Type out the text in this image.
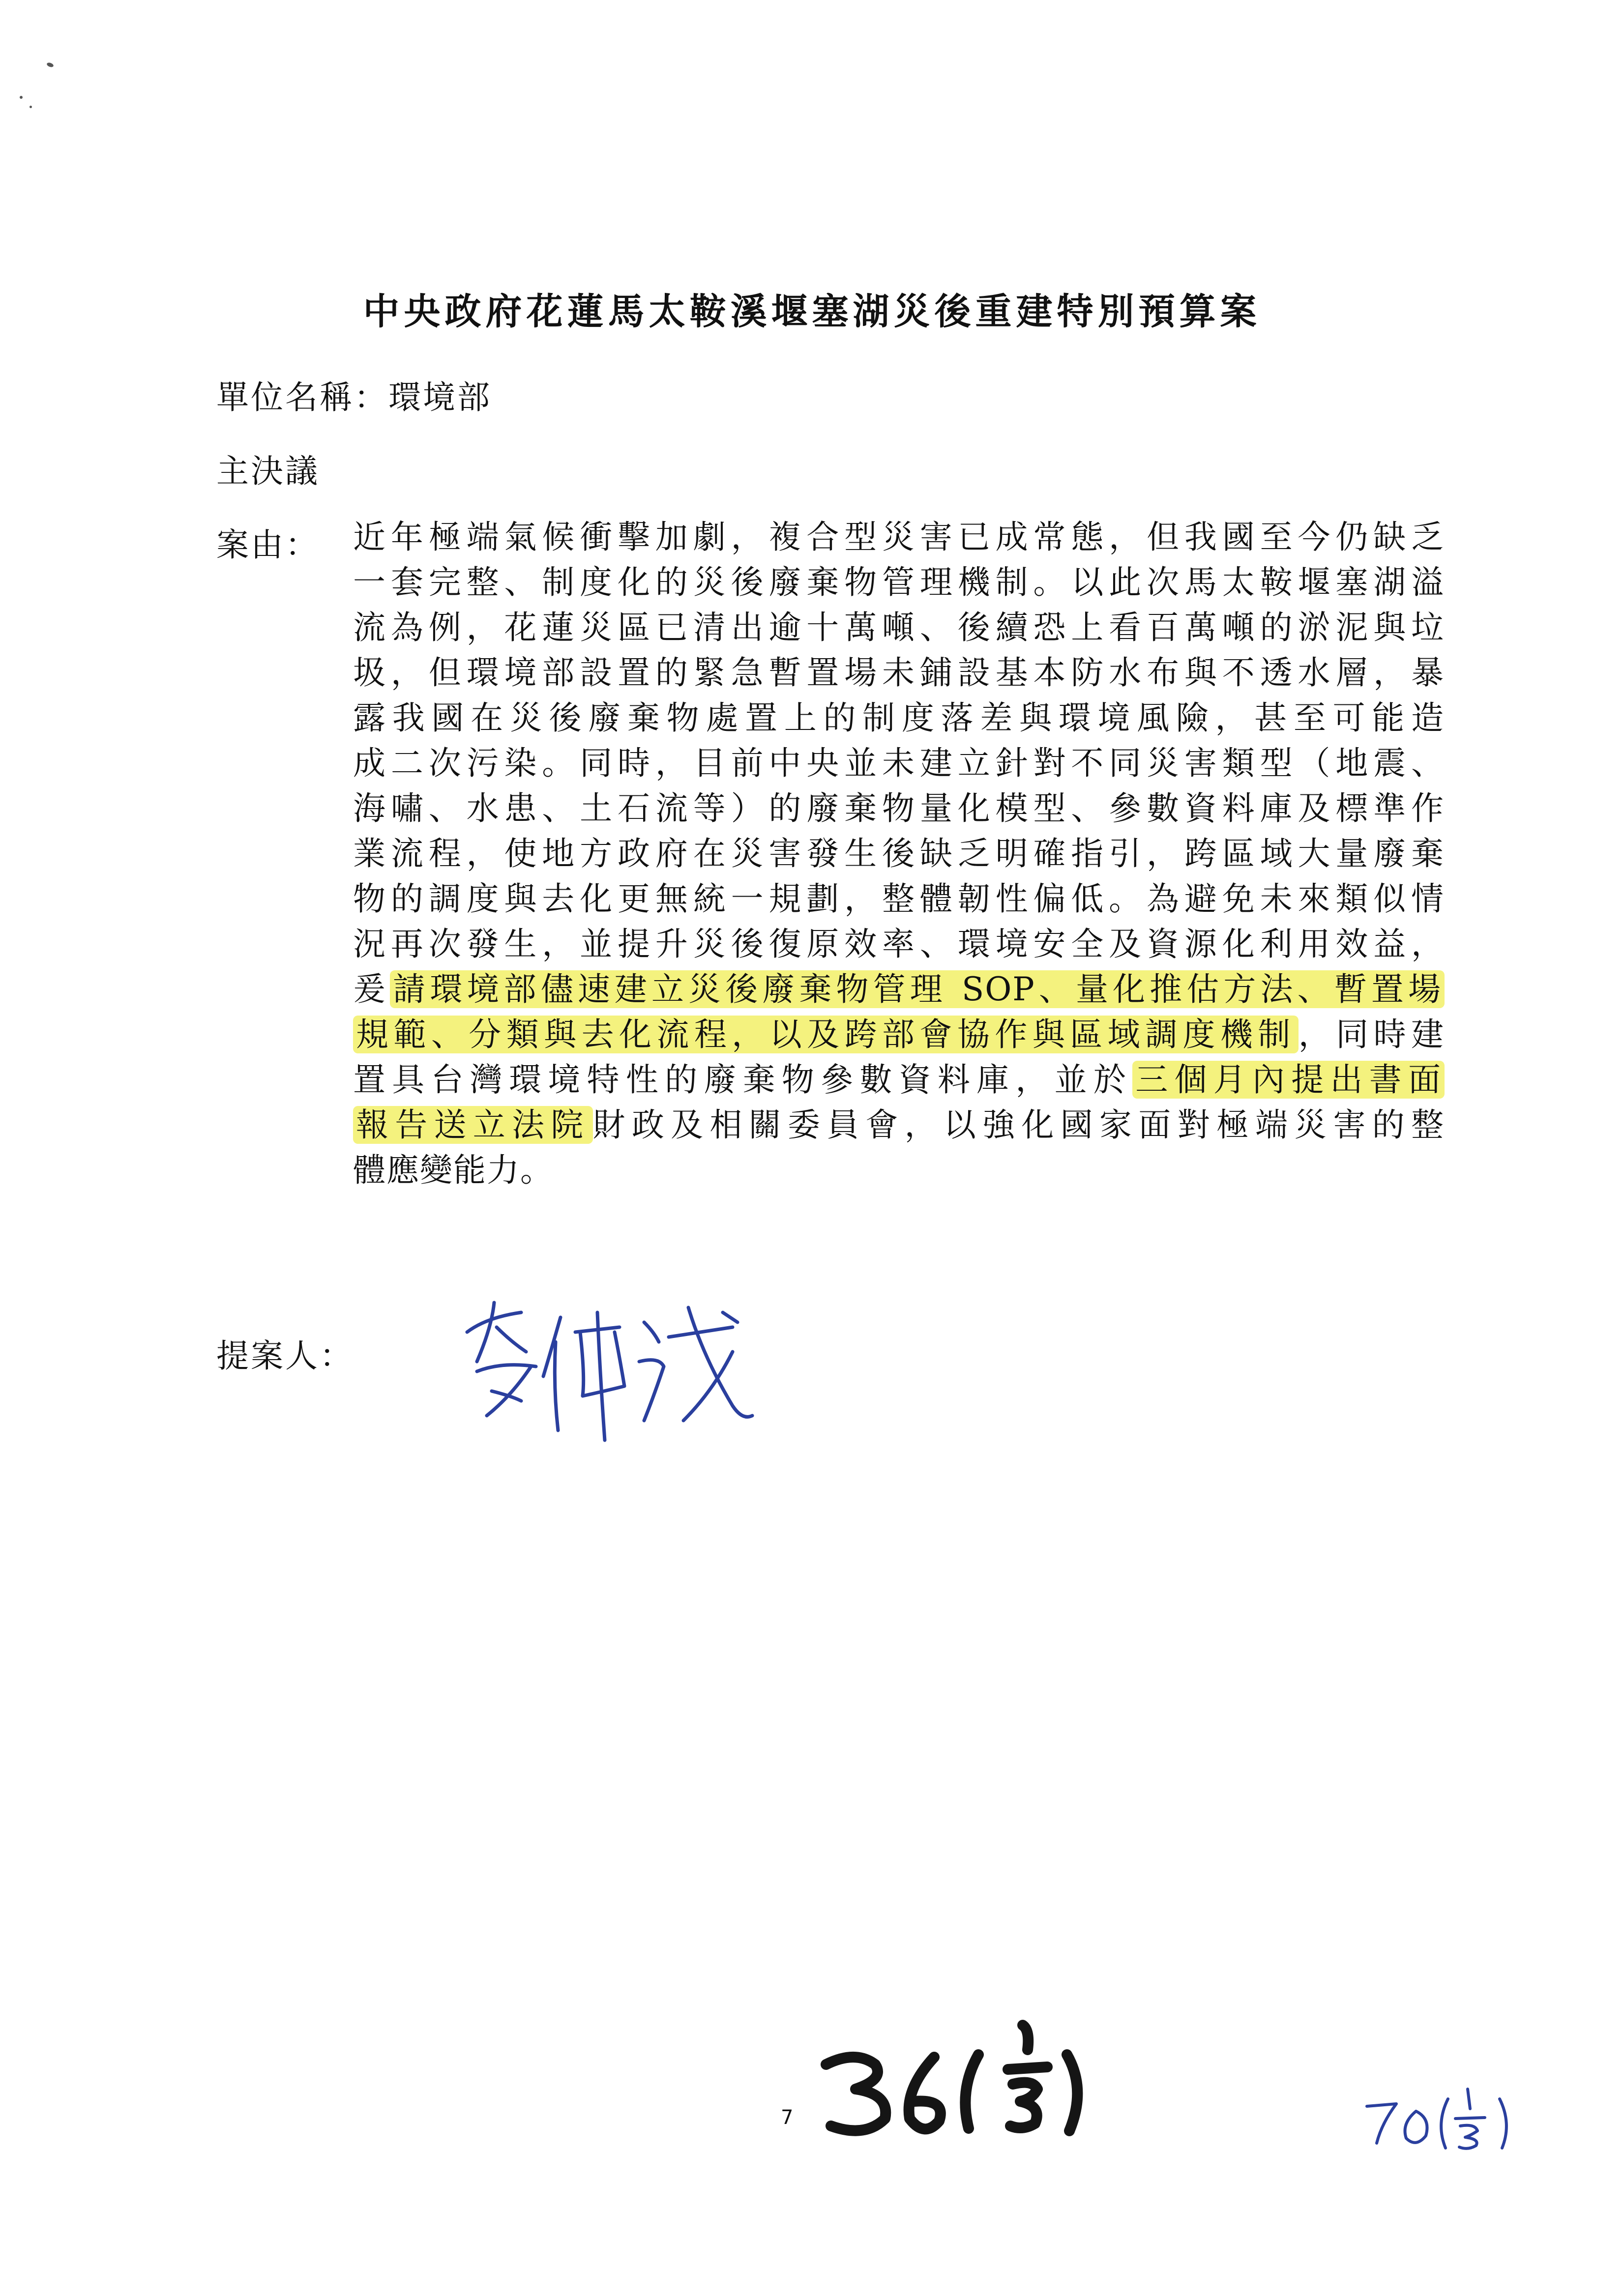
中央政府花蓮馬太鞍溪堰塞湖災後重建特別預算案
單位名稱：環境部
主決議
案由： 近年極端氣候衝擊加劇，複合型災害已成常態，但我國至今仍缺乏
一套完整、制度化的災後廢棄物管理機制。以此次馬太鞍堰塞湖溢
流為例，花蓮災區已清出逾十萬噸、後續恐上看百萬噸的淤泥與垃
圾，但環境部設置的緊急暫置場未鋪設基本防水布與不透水層，暴
露我國在災後廢棄物處置上的制度落差與環境風險，甚至可能造
成二次污染。同時，目前中央並未建立針對不同災害類型（地震、
海嘯、水患、土石流等）的廢棄物量化模型、參數資料庫及標準作
業流程，使地方政府在災害發生後缺乏明確指引，跨區域大量廢棄
物的調度與去化更無統一規劃，整體韌性偏低。為避免未來類似情
況再次發生，並提升災後復原效率、環境安全及資源化利用效益，
爰請環境部儘速建立災後廢棄物管理 SOP、量化推估方法、暫置場
規範、分類與去化流程，以及跨部會協作與區域調度機制，同時建
置具台灣環境特性的廢棄物參數資料庫，並於三個月內提出書面
報告送立法院財政及相關委員會，以強化國家面對極端災害的整
體應變能力。
提案人：
7
